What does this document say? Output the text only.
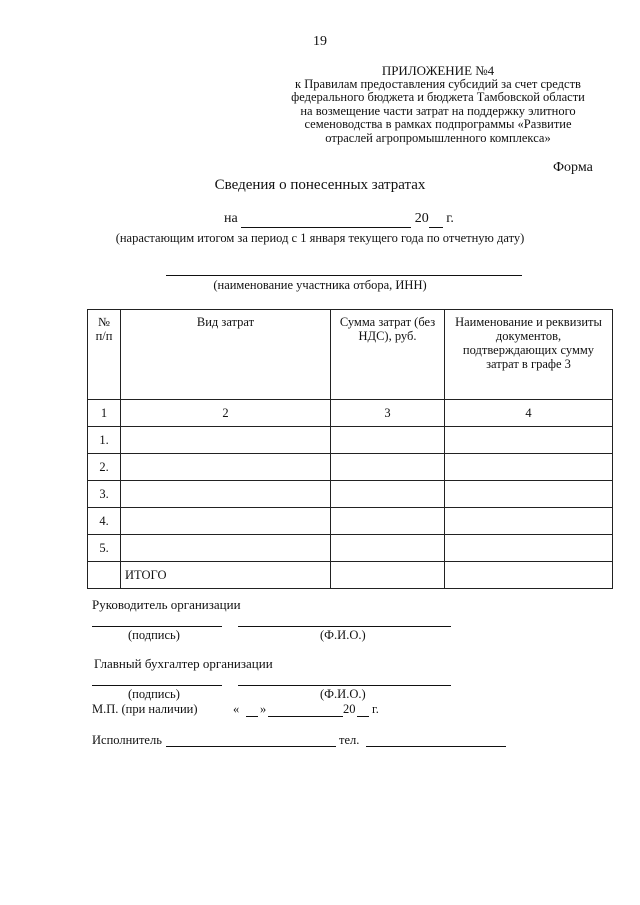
19
ПРИЛОЖЕНИЕ №4
к Правилам предоставления субсидий за счет средств
федерального бюджета и бюджета Тамбовской области
на возмещение части затрат на поддержку элитного
семеноводства в рамках подпрограммы «Развитие
отраслей агропромышленного комплекса»
Форма
Сведения о понесенных затратах
на	20 г.
(нарастающим итогом за период с 1 января текущего года по отчетную дату)
(наименование участника отбора, ИНН)
№ п/п	Вид затрат	Сумма затрат (без НДС), руб.	Наименование и реквизиты документов, подтверждающих сумму затрат в графе 3
1	2	3	4
1.			
2.			
3.			
4.			
5.			
	ИТОГО		
Руководитель организации
(подпись)	(Ф.И.О.)
Главный бухгалтер организации
(подпись)	(Ф.И.О.)
М.П. (при наличии)	« »	20 г.
Исполнитель	тел.
